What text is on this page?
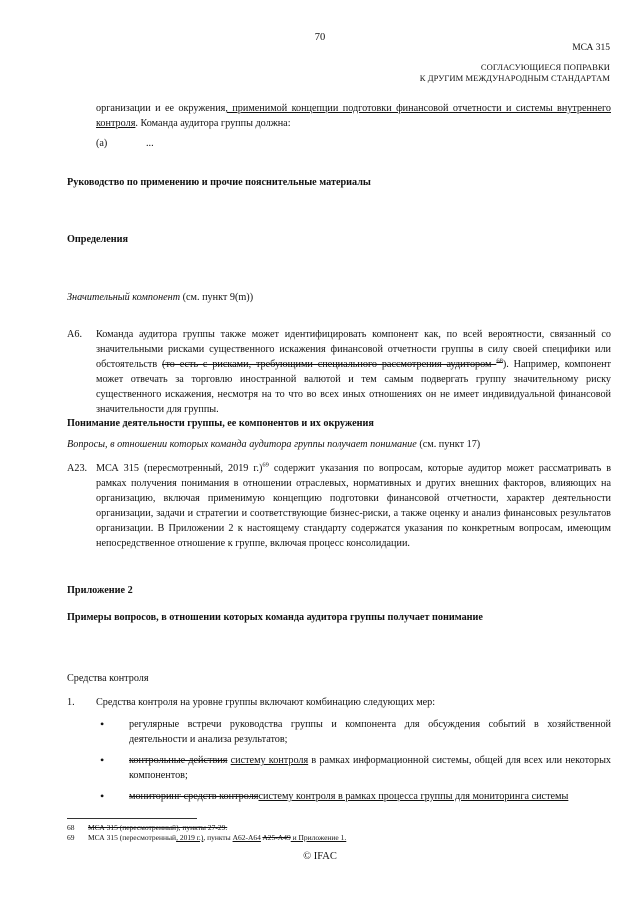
70
МСА 315
СОГЛАСУЮЩИЕСЯ ПОПРАВКИ
К ДРУГИМ МЕЖДУНАРОДНЫМ СТАНДАРТАМ
организации и ее окружения, применимой концепции подготовки финансовой отчетности и системы внутреннего контроля. Команда аудитора группы должна:
(a)	...
Руководство по применению и прочие пояснительные материалы
Определения
Значительный компонент (см. пункт 9(m))
A6. Команда аудитора группы также может идентифицировать компонент как, по всей вероятности, связанный со значительными рисками существенного искажения финансовой отчетности группы в силу своей специфики или обстоятельств (то есть с рисками, требующими специального рассмотрения аудитором $^{68}$). Например, компонент может отвечать за торговлю иностранной валютой и тем самым подвергать группу значительному риску существенного искажения, несмотря на то что во всех иных отношениях он не имеет индивидуальной финансовой значительности для группы.
Понимание деятельности группы, ее компонентов и их окружения
Вопросы, в отношении которых команда аудитора группы получает понимание (см. пункт 17)
A23. МСА 315 (пересмотренный, 2019 г.)$^{69}$ содержит указания по вопросам, которые аудитор может рассматривать в рамках получения понимания в отношении отраслевых, нормативных и других внешних факторов, влияющих на организацию, включая применимую концепцию подготовки финансовой отчетности, характер деятельности организации, задачи и стратегии и соответствующие бизнес-риски, а также оценку и анализ финансовых результатов организации. В Приложении 2 к настоящему стандарту содержатся указания по конкретным вопросам, имеющим непосредственное отношение к группе, включая процесс консолидации.
Приложение 2
Примеры вопросов, в отношении которых команда аудитора группы получает понимание
Средства контроля
1. Средства контроля на уровне группы включают комбинацию следующих мер:
• регулярные встречи руководства группы и компонента для обсуждения событий в хозяйственной деятельности и анализа результатов;
• контрольные действия систему контроля в рамках информационной системы, общей для всех или некоторых компонентов;
• мониторинг средств контролясистему контроля в рамках процесса группы для мониторинга системы
68 МСА 315 (пересмотренный), пункты 27-29.
69 МСА 315 (пересмотренный, 2019 г.), пункты A62-A64 A25-A49 и Приложение 1.
© IFAC
